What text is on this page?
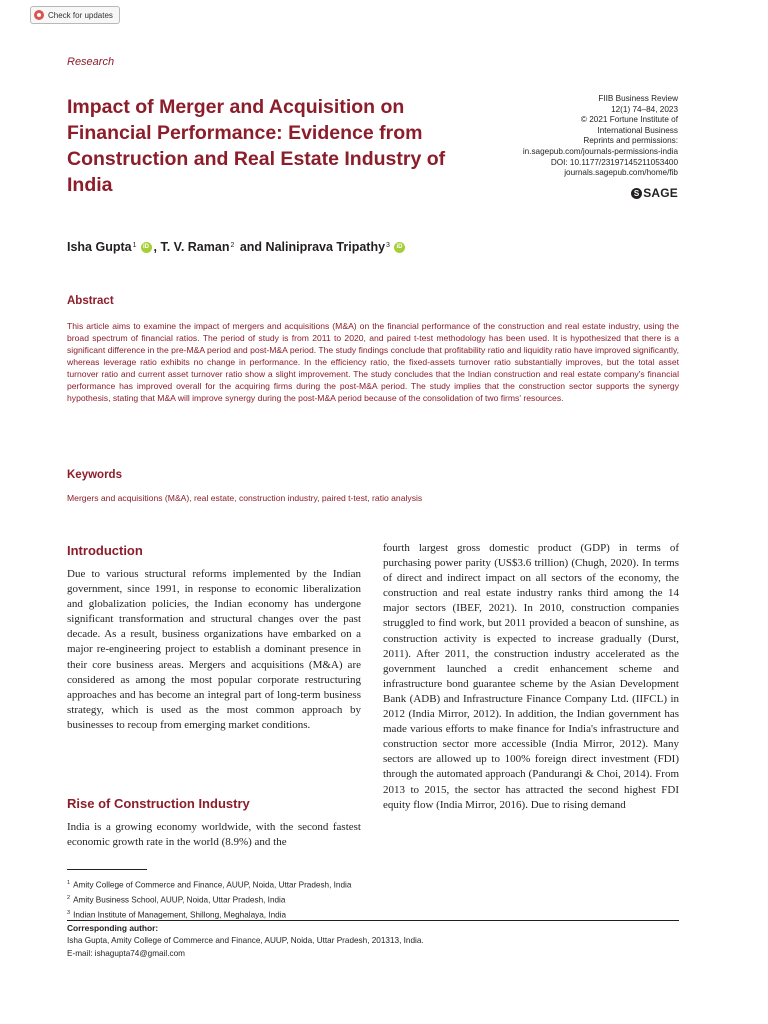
Check for updates
Research
Impact of Merger and Acquisition on Financial Performance: Evidence from Construction and Real Estate Industry of India
FIIB Business Review
12(1) 74–84, 2023
© 2021 Fortune Institute of
International Business
Reprints and permissions:
in.sagepub.com/journals-permissions-india
DOI: 10.1177/23197145211053400
journals.sagepub.com/home/fib
S SAGE
Isha Gupta$^1$	iD , T. V. Raman$^2$ and Naliniprava Tripathy$^3$	iD
Abstract

This article aims to examine the impact of mergers and acquisitions (M&A) on the financial performance of the construction and real estate industry, using the broad spectrum of financial ratios. The period of study is from 2011 to 2020, and paired t-test methodology has been used. It is hypothesized that there is a significant difference in the pre-M&A period and post-M&A period. The study findings conclude that profitability ratio and liquidity ratio have improved significantly, whereas leverage ratio exhibits no change in performance. In the efficiency ratio, the fixed-assets turnover ratio substantially improves, but the total asset turnover ratio and current asset turnover ratio show a slight improvement. The study concludes that the Indian construction and real estate company's financial performance has improved overall for the acquiring firms during the post-M&A period. The study implies that the construction sector supports the synergy hypothesis, stating that M&A will improve synergy during the post-M&A period because of the consolidation of two firms' resources.

Keywords

Mergers and acquisitions (M&A), real estate, construction industry, paired t-test, ratio analysis

Introduction

Due to various structural reforms implemented by the Indian government, since 1991, in response to economic liberalization and globalization policies, the Indian economy has undergone significant transformation and structural changes over the past decade. As a result, business organizations have embarked on a major re-engineering project to establish a dominant presence in their core business areas. Mergers and acquisitions (M&A) are considered as among the most popular corporate restructuring approaches and has become an integral part of long-term business strategy, which is used as the most common approach by businesses to recoup from emerging market conditions.

Rise of Construction Industry

India is a growing economy worldwide, with the second fastest economic growth rate in the world (8.9%) and the

fourth largest gross domestic product (GDP) in terms of purchasing power parity (US$3.6 trillion) (Chugh, 2020). In terms of direct and indirect impact on all sectors of the economy, the construction and real estate industry ranks third among the 14 major sectors (IBEF, 2021). In 2010, construction companies struggled to find work, but 2011 provided a beacon of sunshine, as construction activity is expected to increase gradually (Durst, 2011). After 2011, the construction industry accelerated as the government launched a credit enhancement scheme and infrastructure bond guarantee scheme by the Asian Development Bank (ADB) and Infrastructure Finance Company Ltd. (IIFCL) in 2012 (India Mirror, 2012). In addition, the Indian government has made various efforts to make finance for India's infrastructure and construction sector more accessible (India Mirror, 2012). Many sectors are allowed up to 100% foreign direct investment (FDI) through the automated approach (Pandurangi & Choi, 2014). From 2013 to 2015, the sector has attracted the second highest FDI equity flow (India Mirror, 2016). Due to rising demand

$^1$ Amity College of Commerce and Finance, AUUP, Noida, Uttar Pradesh, India
$^2$ Amity Business School, AUUP, Noida, Uttar Pradesh, India
$^3$ Indian Institute of Management, Shillong, Meghalaya, India
Corresponding author:
Isha Gupta, Amity College of Commerce and Finance, AUUP, Noida, Uttar Pradesh, 201313, India.
E-mail: ishagupta74@gmail.com
